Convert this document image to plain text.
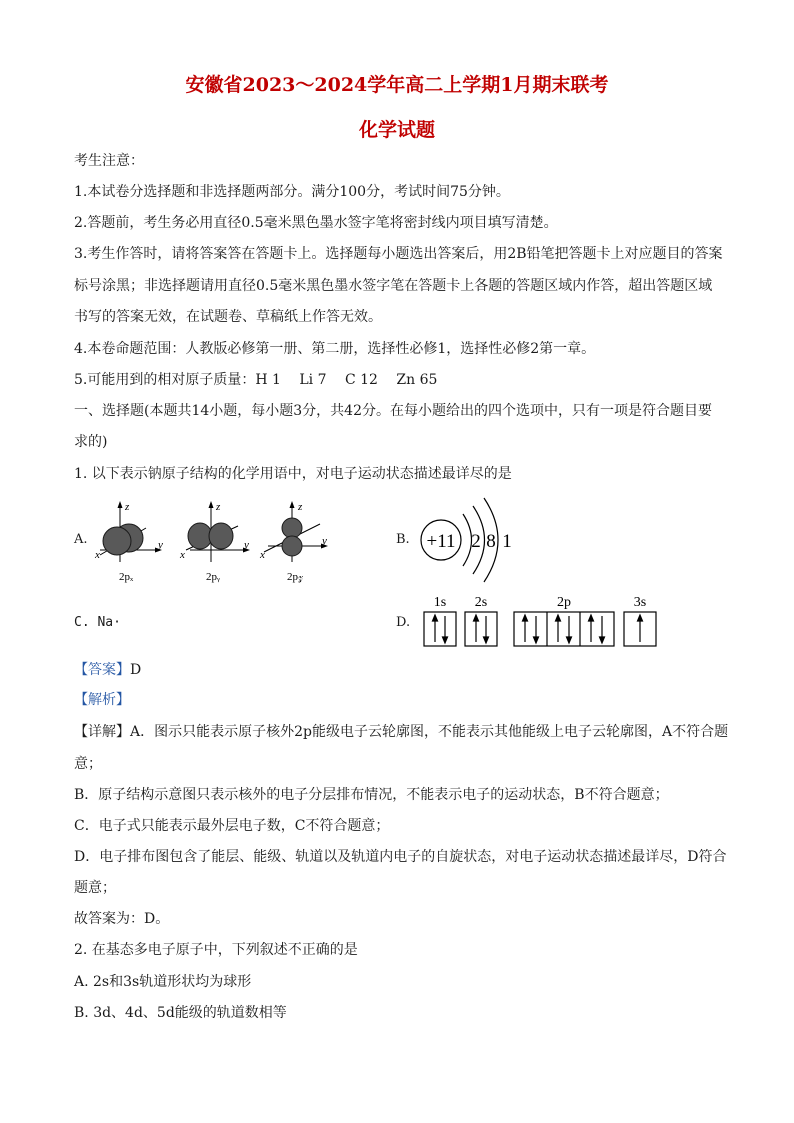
安徽省2023～2024学年高二上学期1月期末联考
化学试题
考生注意：
1.本试卷分选择题和非选择题两部分。满分100分，考试时间75分钟。
2.答题前，考生务必用直径0.5毫米黑色墨水签字笔将密封线内项目填写清楚。
3.考生作答时，请将答案答在答题卡上。选择题每小题选出答案后，用2B铅笔把答题卡上对应题目的答案
标号涂黑；非选择题请用直径0.5毫米黑色墨水签字笔在答题卡上各题的答题区域内作答，超出答题区域
书写的答案无效，在试题卷、草稿纸上作答无效。
4.本卷命题范围：人教版必修第一册、第二册，选择性必修1，选择性必修2第一章。
5.可能用到的相对原子质量：H 1　 Li 7　 C 12　 Zn 65
一、选择题(本题共14小题，每小题3分，共42分。在每小题给出的四个选项中，只有一项是符合题目要
求的)
1. 以下表示钠原子结构的化学用语中，对电子运动状态描述最详尽的是
A.
z
x
y
2pₓ
z
x
y
2pᵧ
z
x
y
2p𝓏
B. +11 2 8 1
C. Na·	D.
1s 2s	2p	3s
【答案】D
【解析】
【详解】A．图示只能表示原子核外2p能级电子云轮廓图，不能表示其他能级上电子云轮廓图，A不符合题
意；
B．原子结构示意图只表示核外的电子分层排布情况，不能表示电子的运动状态，B不符合题意；
C．电子式只能表示最外层电子数，C不符合题意；
D．电子排布图包含了能层、能级、轨道以及轨道内电子的自旋状态，对电子运动状态描述最详尽，D符合
题意；
故答案为：D。
2. 在基态多电子原子中，下列叙述不正确的是
A. 2s和3s轨道形状均为球形
B. 3d、4d、5d能级的轨道数相等
